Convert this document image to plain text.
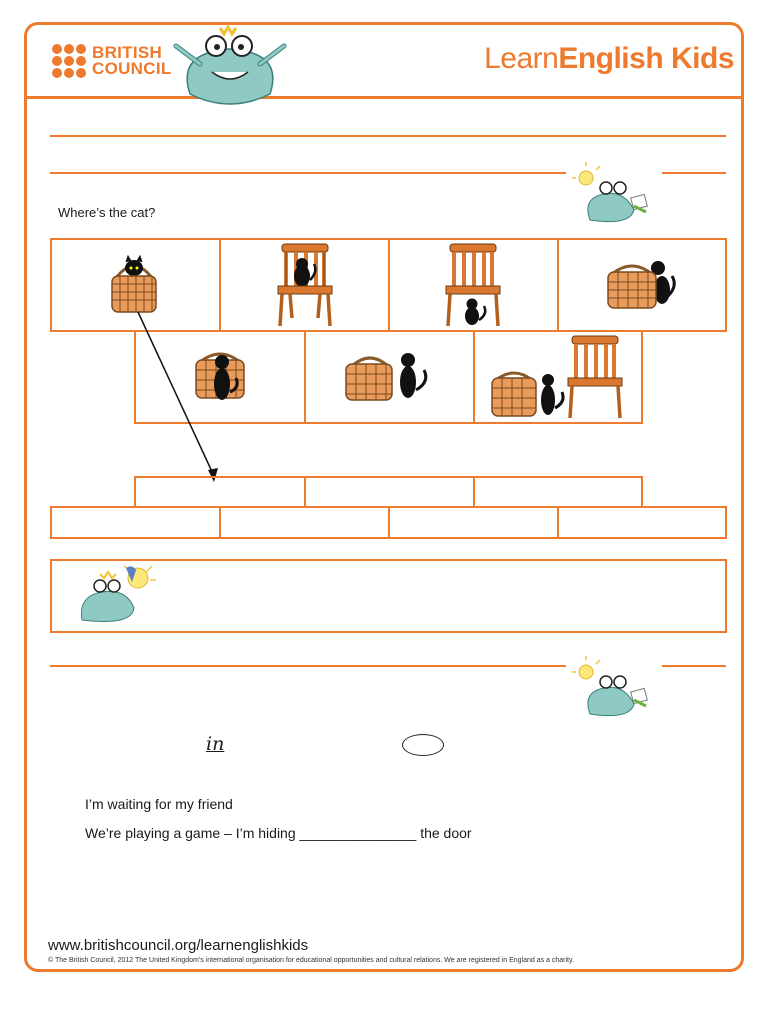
BRITISH
COUNCIL	LearnEnglish Kids
Where’s the cat?
in
I’m waiting for my friend
We’re playing a game – I’m hiding _______________ the door
www.britishcouncil.org/learnenglishkids
© The British Council, 2012 The United Kingdom’s international organisation for educational opportunities and cultural relations. We are registered in England as a charity.
